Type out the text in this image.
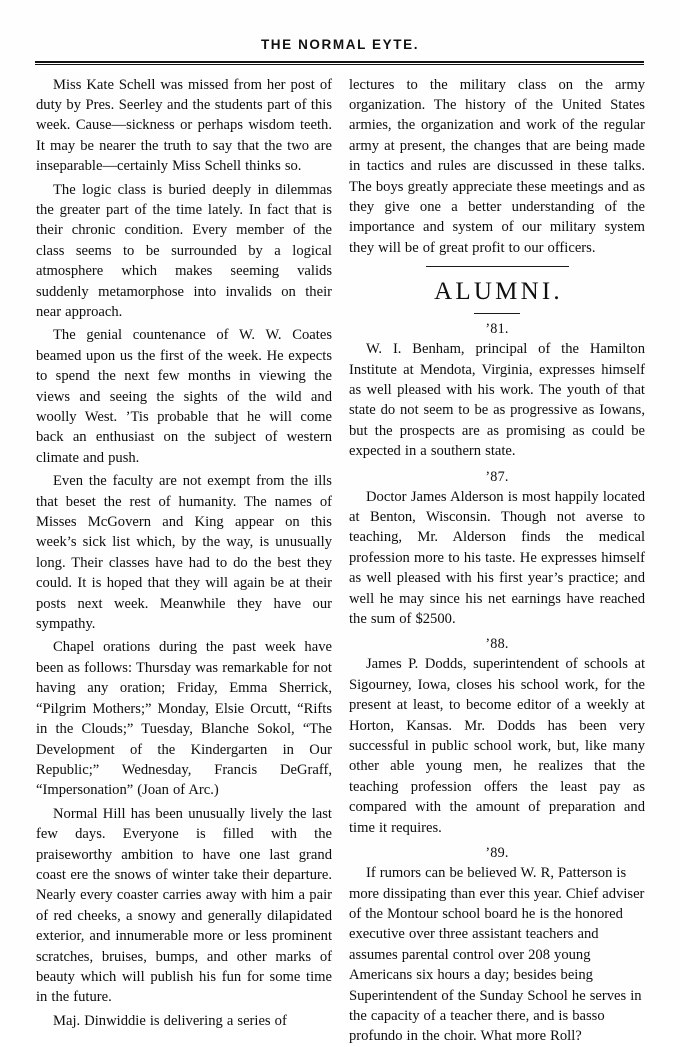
THE NORMAL EYTE.

Miss Kate Schell was missed from her post of duty by Pres. Seerley and the students part of this week. Cause—sickness or perhaps wisdom teeth. It may be nearer the truth to say that the two are inseparable—certainly Miss Schell thinks so.

The logic class is buried deeply in dilemmas the greater part of the time lately. In fact that is their chronic condition. Every member of the class seems to be surrounded by a logical atmosphere which makes seeming valids suddenly metamorphose into invalids on their near approach.

The genial countenance of W. W. Coates beamed upon us the first of the week. He expects to spend the next few months in viewing the views and seeing the sights of the wild and woolly West. ’Tis probable that he will come back an enthusiast on the subject of western climate and push.

Even the faculty are not exempt from the ills that beset the rest of humanity. The names of Misses McGovern and King appear on this week’s sick list which, by the way, is unusually long. Their classes have had to do the best they could. It is hoped that they will again be at their posts next week. Meanwhile they have our sympathy.

Chapel orations during the past week have been as follows: Thursday was remarkable for not having any oration; Friday, Emma Sherrick, “Pilgrim Mothers;” Monday, Elsie Orcutt, “Rifts in the Clouds;” Tuesday, Blanche Sokol, “The Development of the Kindergarten in Our Republic;” Wednesday, Francis DeGraff, “Impersonation” (Joan of Arc.)

Normal Hill has been unusually lively the last few days. Everyone is filled with the praiseworthy ambition to have one last grand coast ere the snows of winter take their departure. Nearly every coaster carries away with him a pair of red cheeks, a snowy and generally dilapidated exterior, and innumerable more or less prominent scratches, bruises, bumps, and other marks of beauty which will publish his fun for some time in the future.

Maj. Dinwiddie is delivering a series of

lectures to the military class on the army organization. The history of the United States armies, the organization and work of the regular army at present, the changes that are being made in tactics and rules are discussed in these talks. The boys greatly appreciate these meetings and as they give one a better understanding of the importance and system of our military system they will be of great profit to our officers.

ALUMNI.
’81.

W. I. Benham, principal of the Hamilton Institute at Mendota, Virginia, expresses himself as well pleased with his work. The youth of that state do not seem to be as progressive as Iowans, but the prospects are as promising as could be expected in a southern state.

’87.

Doctor James Alderson is most happily located at Benton, Wisconsin. Though not averse to teaching, Mr. Alderson finds the medical profession more to his taste. He expresses himself as well pleased with his first year’s practice; and well he may since his net earnings have reached the sum of $2500.

’88.

James P. Dodds, superintendent of schools at Sigourney, Iowa, closes his school work, for the present at least, to become editor of a weekly at Horton, Kansas. Mr. Dodds has been very successful in public school work, but, like many other able young men, he realizes that the teaching profession offers the least pay as compared with the amount of preparation and time it requires.

’89.

If rumors can be believed W. R, Patterson is more dissipating than ever this year. Chief adviser of the Montour school board he is the honored executive over three assistant teachers and assumes parental control over 208 young Americans six hours a day; besides being Superintendent of the Sunday School he serves in the capacity of a teacher there, and is basso profundo in the choir. What more Roll?
